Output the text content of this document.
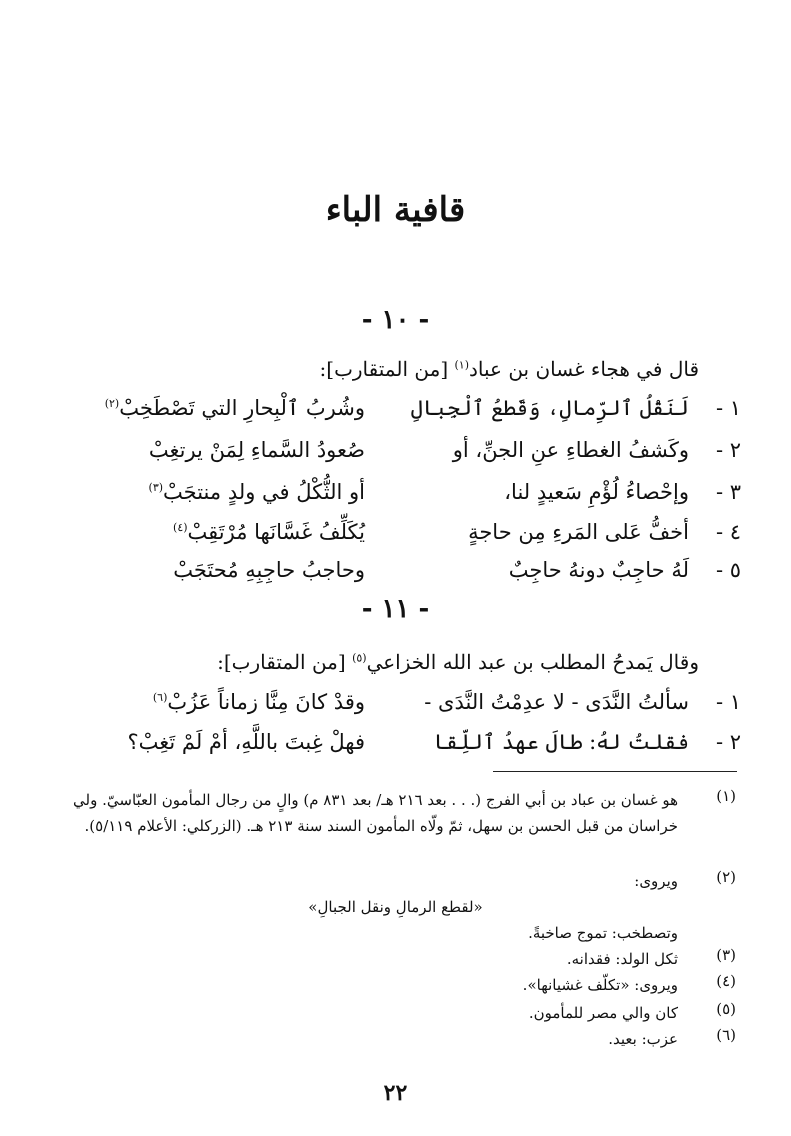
قافية الباء
- ١٠ -
قال في هجاء غسان بن عباد$^{(١)}$ [من المتقارب]:
١ -
لَنَقْلُ ٱلرِّمالِ، وَقَطعُ ٱلْجِبالِ
وشُربُ ٱلْبِحارِ التي تَصْطَخِبْ$^{(٢)}$
٢ -
وكَشفُ الغطاءِ عنِ الجنِّ، أو
صُعودُ السَّماءِ لِمَنْ يرتغِبْ
٣ -
وإحْصاءُ لُؤْمِ سَعيدٍ لنا،
أو الثُّكْلُ في ولدٍ منتجَبْ$^{(٣)}$
٤ -
أخفُّ عَلى المَرءِ مِن حاجةٍ
يُكَلِّفُ غَسَّانَها مُرْتَقِبْ$^{(٤)}$
٥ -
لَهُ حاجِبٌ دونهُ حاجِبٌ
وحاجبُ حاجِبِهِ مُحتَجَبْ
- ١١ -
وقال يَمدحُ المطلب بن عبد الله الخزاعي$^{(٥)}$ [من المتقارب]:
١ -
سألتُ النَّدَى - لا عدِمْتُ النَّدَى -
وقدْ كانَ مِنَّا زماناً عَزُبْ$^{(٦)}$
٢ -
فقلتُ لهُ: طالَ عهدُ ٱللِّقا
فهلْ غِبتَ باللَّهِ، أمْ لَمْ تَغِبْ؟
(١)
هو غسان بن عباد بن أبي الفرج (. . . بعد ٢١٦ هـ/ بعد ٨٣١ م) والٍ من رجال المأمون العبّاسيّ. ولي خراسان من قبل الحسن بن سهل، ثمّ ولّاه المأمون السند سنة ٢١٣ هـ. (الزركلي: الأعلام ٥/١١٩).
(٢)
ويروى:
«لقطع الرمالِ ونقل الجبالِ»
وتصطخب: تموج صاخبةً.
(٣)
ثكل الولد: فقدانه.
(٤)
ويروى: «تكلّف غشيانها».
(٥)
كان والي مصر للمأمون.
(٦)
عزب: بعيد.
٢٢
